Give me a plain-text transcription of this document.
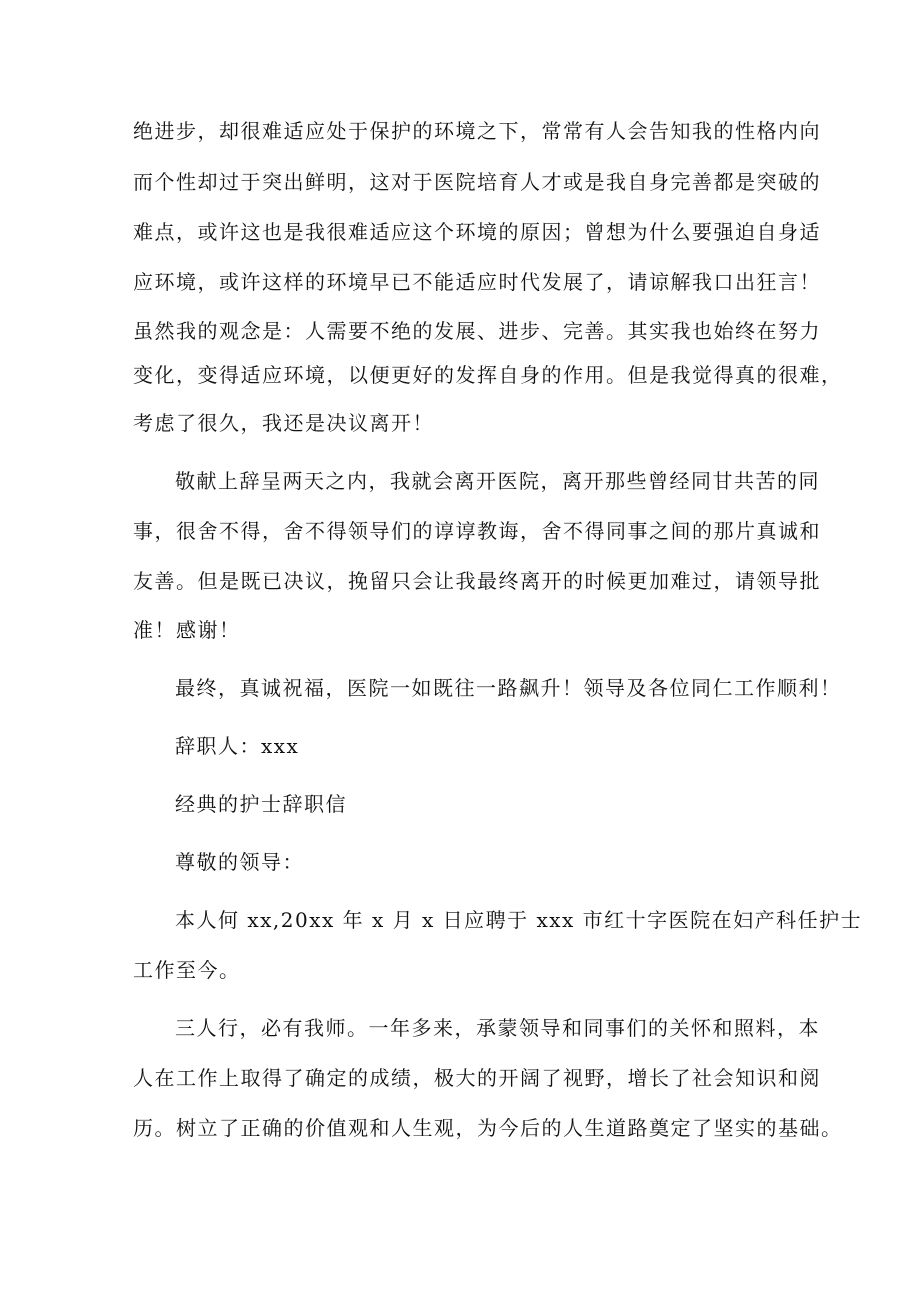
绝进步，却很难适应处于保护的环境之下，常常有人会告知我的性格内向
而个性却过于突出鲜明，这对于医院培育人才或是我自身完善都是突破的
难点，或许这也是我很难适应这个环境的原因；曾想为什么要强迫自身适
应环境，或许这样的环境早已不能适应时代发展了，请谅解我口出狂言！
虽然我的观念是：人需要不绝的发展、进步、完善。其实我也始终在努力
变化，变得适应环境，以便更好的发挥自身的作用。但是我觉得真的很难，
考虑了很久，我还是决议离开！
敬献上辞呈两天之内，我就会离开医院，离开那些曾经同甘共苦的同
事，很舍不得，舍不得领导们的谆谆教诲，舍不得同事之间的那片真诚和
友善。但是既已决议，挽留只会让我最终离开的时候更加难过，请领导批
准！感谢！
最终，真诚祝福，医院一如既往一路飙升！领导及各位同仁工作顺利！
辞职人：xxx
经典的护士辞职信
尊敬的领导：
本人何 xx,20xx 年 x 月 x 日应聘于 xxx 市红十字医院在妇产科任护士
工作至今。
三人行，必有我师。一年多来，承蒙领导和同事们的关怀和照料，本
人在工作上取得了确定的成绩，极大的开阔了视野，增长了社会知识和阅
历。树立了正确的价值观和人生观，为今后的人生道路奠定了坚实的基础。
